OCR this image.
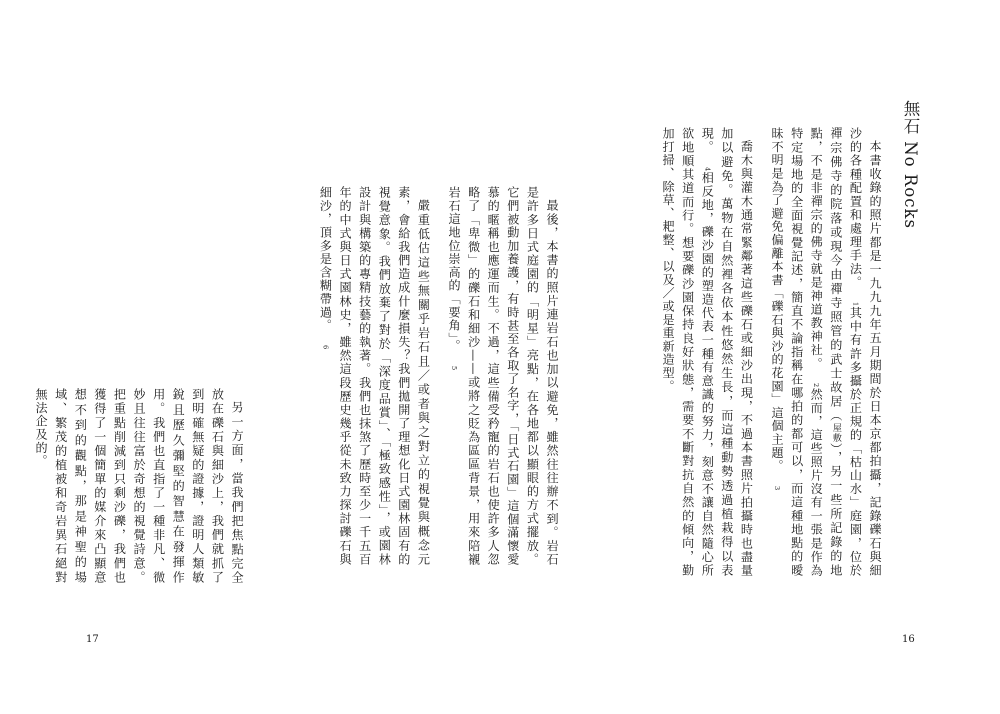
無石 No Rocks

本書收錄的照片都是一九九九年五月期間於日本京都拍攝，記錄礫石與細沙的各種配置和處理手法。1其中有許多攝於正規的「枯山水」庭園，位於禪宗佛寺的院落或現今由禪寺照管的武士故居（屋敷），另一些所記錄的地點，不是非禪宗的佛寺就是神道教神社。2然而，這些照片沒有一張是作為特定場地的全面視覺記述，簡直不論指稱在哪拍的都可以，而這種地點的曖昧不明是為了避免偏離本書「礫石與沙的花園」這個主題。3

喬木與灌木通常緊鄰著這些礫石或細沙出現，不過本書照片拍攝時也盡量加以避免。萬物在自然裡各依本性悠然生長，而這種動勢透過植栽得以表現。4相反地，礫沙園的塑造代表一種有意識的努力，刻意不讓自然隨心所欲地順其道而行。想要礫沙園保持良好狀態，需要不斷對抗自然的傾向，勤加打掃、除草、耙整、以及／或是重新造型。

最後，本書的照片連岩石也加以避免，雖然往往辦不到。岩石是許多日式庭園的「明星」亮點，在各地都以顯眼的方式擺放。它們被動加養護，有時甚至各取了名字，「日式石園」這個滿懷愛慕的暱稱也應運而生。不過，這些備受矜寵的岩石也使許多人忽略了「卑微」的礫石和細沙——或將之貶為區區背景，用來陪襯岩石這地位崇高的「要角」。5

嚴重低估這些無關乎岩石且／或者與之對立的視覺與概念元素，會給我們造成什麼損失？我們拋開了理想化日式園林固有的視覺意象。我們放棄了對於「深度品賞」、「極致感性」，或園林設計與構築的專精技藝的執著。我們也抹煞了歷時至少一千五百年的中式與日式園林史，雖然這段歷史幾乎從未致力探討礫石與細沙，頂多是含糊帶過。6

另一方面，當我們把焦點完全放在礫石與細沙上，我們就抓了到明確無疑的證據，證明人類敏銳且歷久彌堅的智慧在發揮作用。我們也直指了一種非凡、微妙且往往富於奇想的視覺詩意。把重點削減到只剩沙礫，我們也獲得了一個簡單的媒介來凸顯意想不到的觀點，那是神聖的場域、繁茂的植被和奇岩異石絕對無法企及的。

17	16
